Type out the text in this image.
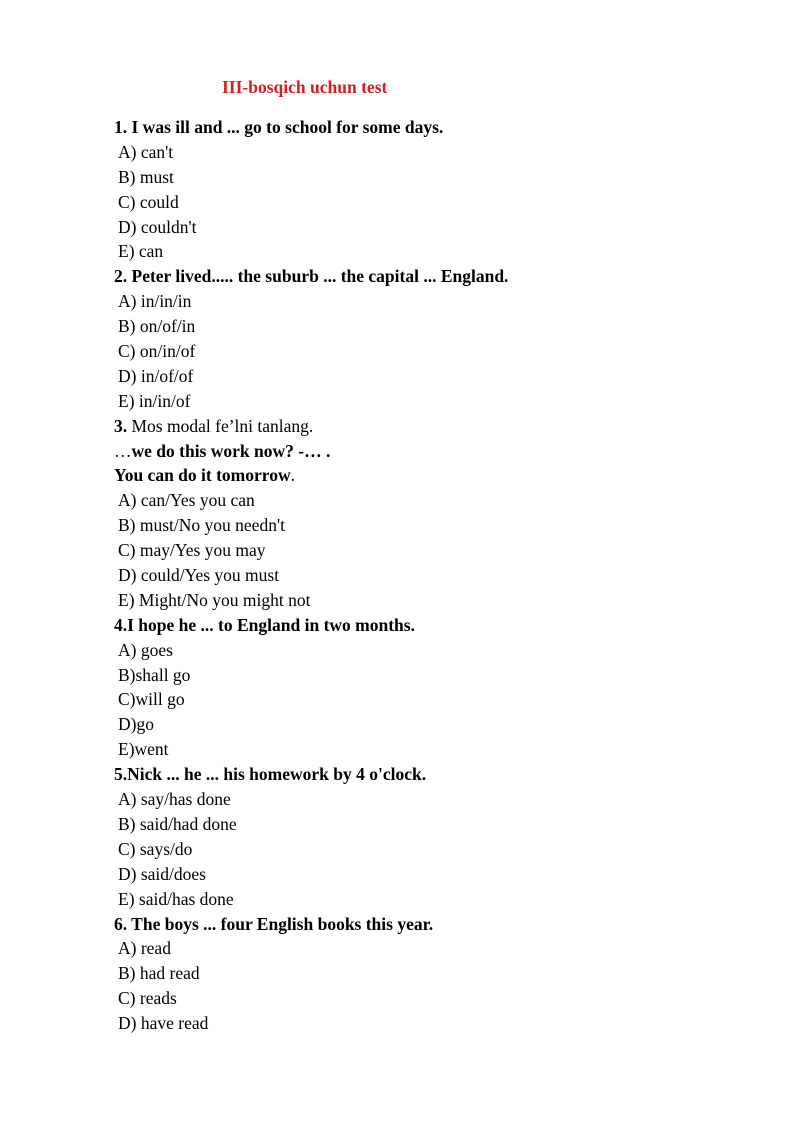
III-bosqich uchun test
1. I was ill and ... go to school for some days.
A) can't
B) must
C) could
D) couldn't
E) can
2. Peter lived..... the suburb ... the capital ... England.
A) in/in/in
B) on/of/in
C) on/in/of
D) in/of/of
E) in/in/of
3. Mos modal fe’lni tanlang.
…we do this work now? -… .
You can do it tomorrow.
A) can/Yes you can
B) must/No you needn't
C) may/Yes you may
D) could/Yes you must
E) Might/No you might not
4.I hope he ... to England in two months.
A) goes
B)shall go
C)will go
D)go
E)went
5.Nick ... he ... his homework by 4 o'clock.
A) say/has done
B) said/had done
C) says/do
D) said/does
E) said/has done
6. The boys ... four English books this year.
A) read
B) had read
C) reads
D) have read
